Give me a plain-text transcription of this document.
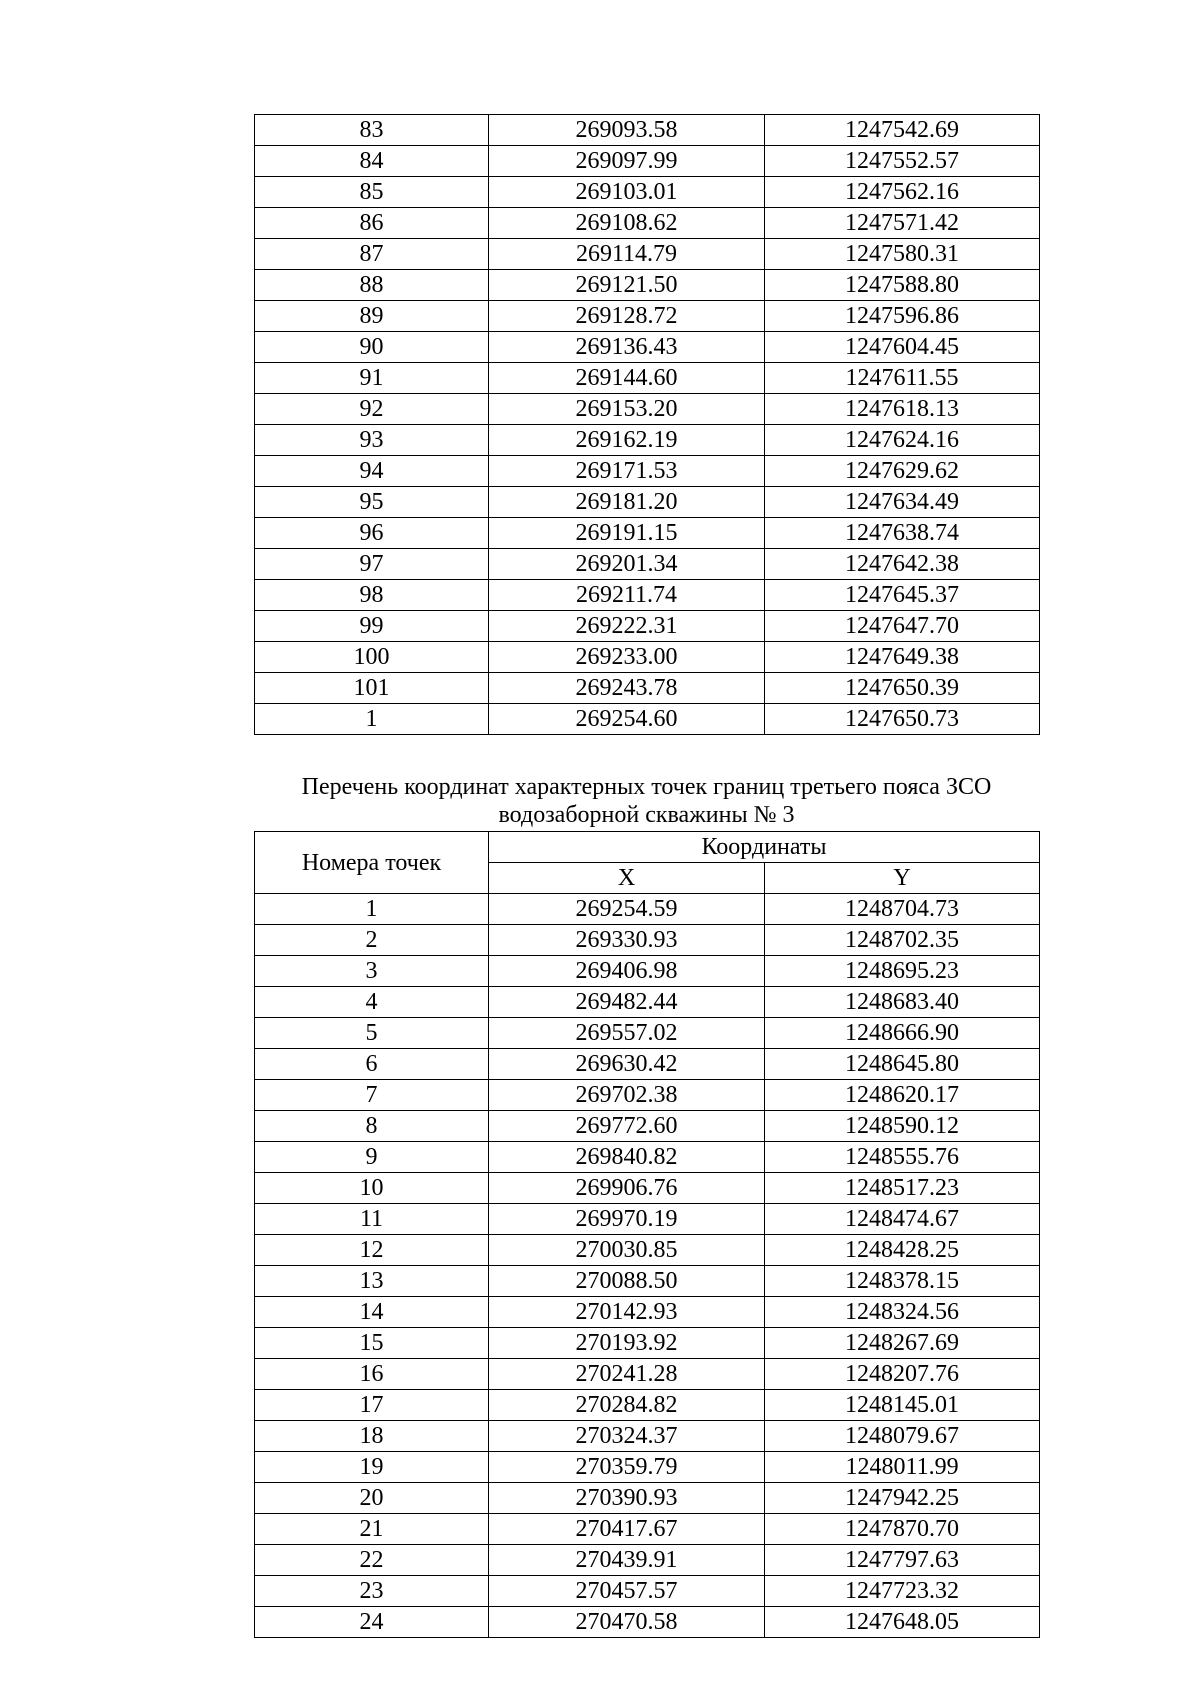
83	269093.58	1247542.69
84	269097.99	1247552.57
85	269103.01	1247562.16
86	269108.62	1247571.42
87	269114.79	1247580.31
88	269121.50	1247588.80
89	269128.72	1247596.86
90	269136.43	1247604.45
91	269144.60	1247611.55
92	269153.20	1247618.13
93	269162.19	1247624.16
94	269171.53	1247629.62
95	269181.20	1247634.49
96	269191.15	1247638.74
97	269201.34	1247642.38
98	269211.74	1247645.37
99	269222.31	1247647.70
100	269233.00	1247649.38
101	269243.78	1247650.39
1	269254.60	1247650.73
Перечень координат характерных точек границ третьего пояса ЗСО
водозаборной скважины № 3
Номера точек	Координаты	
	X	Y
1	269254.59	1248704.73
2	269330.93	1248702.35
3	269406.98	1248695.23
4	269482.44	1248683.40
5	269557.02	1248666.90
6	269630.42	1248645.80
7	269702.38	1248620.17
8	269772.60	1248590.12
9	269840.82	1248555.76
10	269906.76	1248517.23
11	269970.19	1248474.67
12	270030.85	1248428.25
13	270088.50	1248378.15
14	270142.93	1248324.56
15	270193.92	1248267.69
16	270241.28	1248207.76
17	270284.82	1248145.01
18	270324.37	1248079.67
19	270359.79	1248011.99
20	270390.93	1247942.25
21	270417.67	1247870.70
22	270439.91	1247797.63
23	270457.57	1247723.32
24	270470.58	1247648.05
